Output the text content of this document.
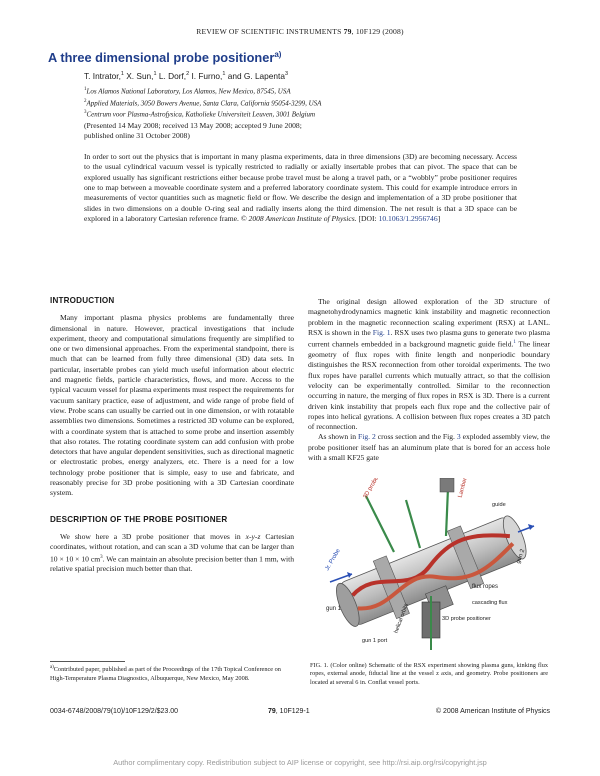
REVIEW OF SCIENTIFIC INSTRUMENTS 79, 10F129 (2008)
A three dimensional probe positioner$^{a)}$
T. Intrator,$^1$ X. Sun,$^1$ L. Dorf,$^2$ I. Furno,$^1$ and G. Lapenta$^3$
$^1$Los Alamos National Laboratory, Los Alamos, New Mexico, 87545, USA
$^2$Applied Materials, 3050 Bowers Avenue, Santa Clara, California 95054-3299, USA
$^3$Centrum voor Plasma-Astrofysica, Katholieke Universiteit Leuven, 3001 Belgium
(Presented 14 May 2008; received 13 May 2008; accepted 9 June 2008;
published online 31 October 2008)
In order to sort out the physics that is important in many plasma experiments, data in three dimensions (3D) are becoming necessary. Access to the usual cylindrical vacuum vessel is typically restricted to radially or axially insertable probes that can pivot. The space that can be explored usually has significant restrictions either because probe travel must be along a travel path, or a “wobbly” probe positioner requires one to map between a moveable coordinate system and a preferred laboratory coordinate system. This could for example introduce errors in measurements of vector quantities such as magnetic field or flow. We describe the design and implementation of a 3D probe positioner that slides in two dimensions on a double O-ring seal and radially inserts along the third dimension. The net result is that a 3D space can be explored in a laboratory Cartesian reference frame. © 2008 American Institute of Physics. [DOI: 10.1063/1.2956746]
INTRODUCTION

Many important plasma physics problems are fundamentally three dimensional in nature. However, practical investigations that include experiment, theory and computational simulations frequently are simplified to one or two dimensional approaches. From the experimental standpoint, there is much that can be learned from fully three dimensional (3D) data sets. In particular, insertable probes can yield much useful information about electric and magnetic fields, particle characteristics, flows, and more. Access to the typical vacuum vessel for plasma experiments must respect the requirements for vacuum sanitary practice, ease of adjustment, and wide range of probe field of view. Probe scans can usually be carried out in one dimension, or with rotatable assemblies two dimensions. Sometimes a restricted 3D volume can be explored, with a coordinate system that is attached to some probe and insertion assembly that also rotates. The rotating coordinate system can add confusion with probe detectors that have angular dependent sensitivities, such as directional magnetic or electrostatic probes, energy analyzers, etc. There is a need for a low technology probe positioner that is simple, easy to use and fabricate, and reasonably precise for 3D probe positioning with a 3D Cartesian coordinate system.

DESCRIPTION OF THE PROBE POSITIONER

We show here a 3D probe positioner that moves in x-y-z Cartesian coordinates, without rotation, and can scan a 3D volume that can be larger than 10 × 10 × 10 $cm^3$. We can maintain an absolute precision better than 1 mm, with relative spatial precision much better than that.

The original design allowed exploration of the 3D structure of magnetohydrodynamics magnetic kink instability and magnetic reconnection problem in the magnetic reconnection scaling experiment (RSX) at LANL. RSX is shown in the Fig. 1. RSX uses two plasma guns to generate two plasma current channels embedded in a background magnetic guide field.$^1$ The linear geometry of flux ropes with finite length and nonperiodic boundary distinguishes the RSX reconnection from other toroidal experiments. The two flux ropes have parallel currents which mutually attract, so that the collision velocity can be experimentally controlled. Similar to the reconnection occurring in nature, the merging of flux ropes in RSX is 3D. There is a current driven kink instability that propels each flux rope and the collective pair of ropes into helical gyrations. A collision between flux ropes creates a 3D patch of reconnection.

As shown in Fig. 2 cross section and the Fig. 3 exploded assembly view, the probe positioner itself has an aluminum plate that is bored for an access hole with a small KF25 gate

Jr. Probe
3D probe	Lamber probe
gun 2
gun 1
flux ropes
helical orbits	3D probe positioner
cascading flux
gun 1 port
guide
$^{a)}$Contributed paper, published as part of the Proceedings of the 17th Topical Conference on High-Temperature Plasma Diagnostics, Albuquerque, New Mexico, May 2008.
FIG. 1. (Color online) Schematic of the RSX experiment showing plasma guns, kinking flux ropes, external anode, fiducial line at the vessel z axis, and geometry. Probe positioners are located at several 6 in. Conflat vessel ports.
0034-6748/2008/79(10)/10F129/2/$23.00	79, 10F129-1	© 2008 American Institute of Physics
Author complimentary copy. Redistribution subject to AIP license or copyright, see http://rsi.aip.org/rsi/copyright.jsp
